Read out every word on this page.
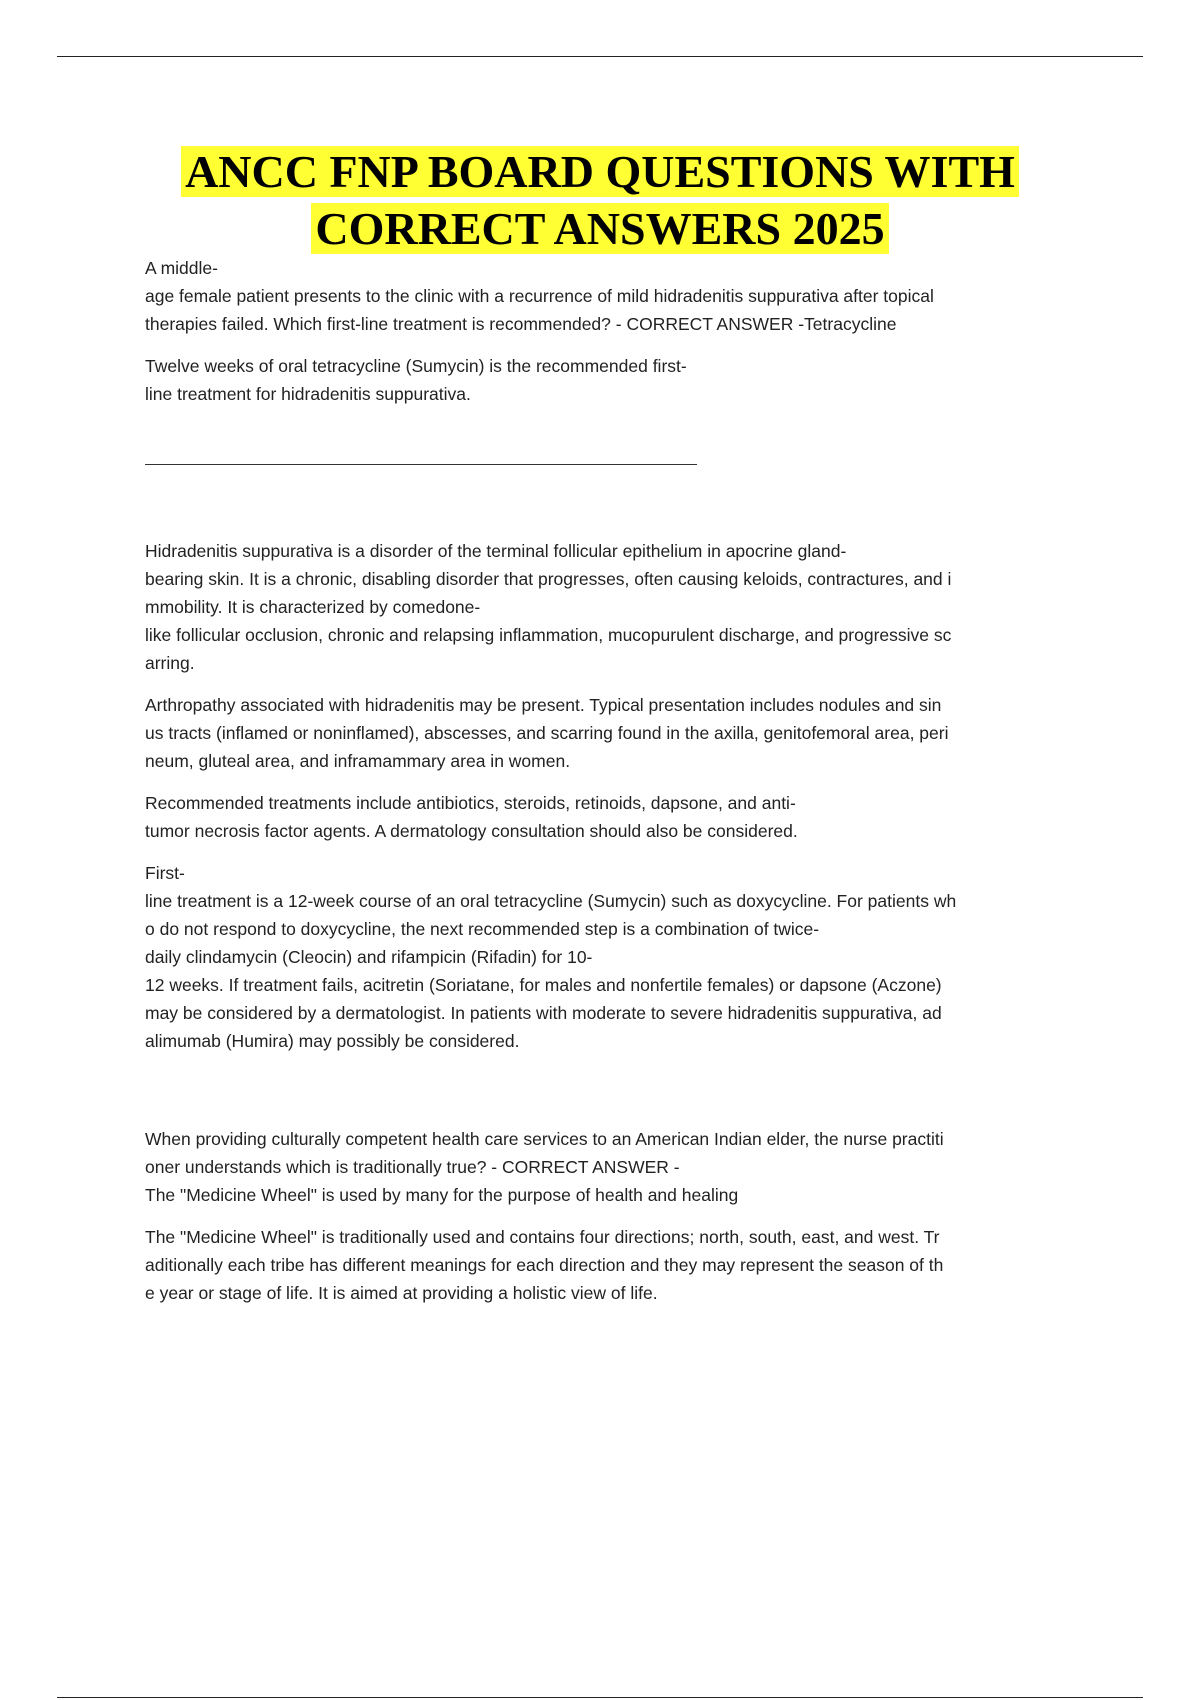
ANCC FNP BOARD QUESTIONS WITH
CORRECT ANSWERS 2025

A middle-
age female patient presents to the clinic with a recurrence of mild hidradenitis suppurativa after topical
therapies failed. Which first-line treatment is recommended? - CORRECT ANSWER -Tetracycline

Twelve weeks of oral tetracycline (Sumycin) is the recommended first-
line treatment for hidradenitis suppurativa.

Hidradenitis suppurativa is a disorder of the terminal follicular epithelium in apocrine gland-
bearing skin. It is a chronic, disabling disorder that progresses, often causing keloids, contractures, and i
mmobility. It is characterized by comedone-
like follicular occlusion, chronic and relapsing inflammation, mucopurulent discharge, and progressive sc
arring.

Arthropathy associated with hidradenitis may be present. Typical presentation includes nodules and sin
us tracts (inflamed or noninflamed), abscesses, and scarring found in the axilla, genitofemoral area, peri
neum, gluteal area, and inframammary area in women.

Recommended treatments include antibiotics, steroids, retinoids, dapsone, and anti-
tumor necrosis factor agents. A dermatology consultation should also be considered.

First-
line treatment is a 12-week course of an oral tetracycline (Sumycin) such as doxycycline. For patients wh
o do not respond to doxycycline, the next recommended step is a combination of twice-
daily clindamycin (Cleocin) and rifampicin (Rifadin) for 10-
12 weeks. If treatment fails, acitretin (Soriatane, for males and nonfertile females) or dapsone (Aczone)
may be considered by a dermatologist. In patients with moderate to severe hidradenitis suppurativa, ad
alimumab (Humira) may possibly be considered.

When providing culturally competent health care services to an American Indian elder, the nurse practiti
oner understands which is traditionally true? - CORRECT ANSWER -
The "Medicine Wheel" is used by many for the purpose of health and healing

The "Medicine Wheel" is traditionally used and contains four directions; north, south, east, and west. Tr
aditionally each tribe has different meanings for each direction and they may represent the season of th
e year or stage of life. It is aimed at providing a holistic view of life.
